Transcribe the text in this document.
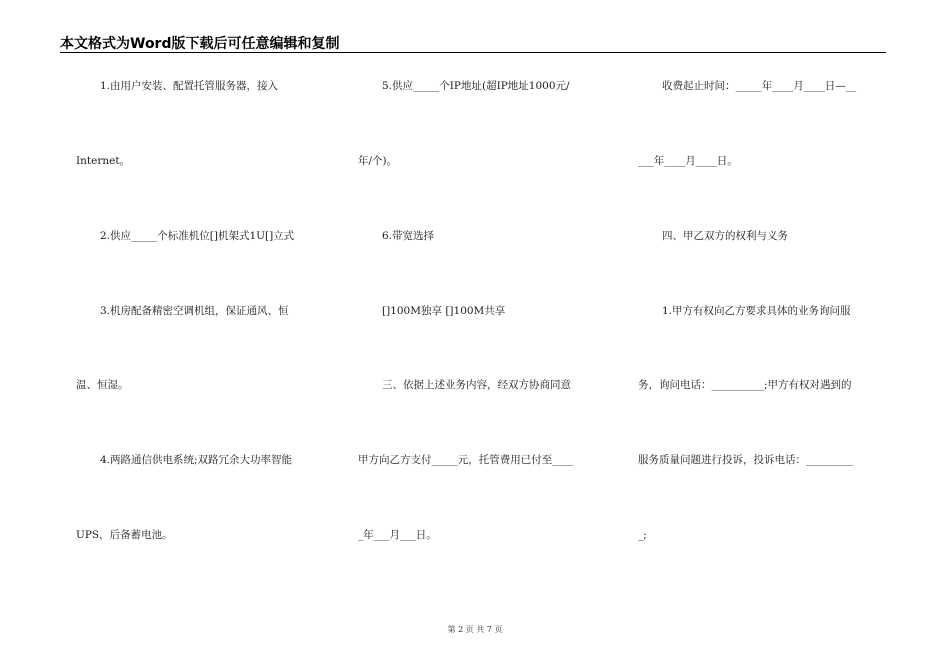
本文格式为Word版下载后可任意编辑和复制
1.由用户安装、配置托管服务器，接入
Internet。
2.供应_____个标准机位[]机架式1U[]立式
3.机房配备精密空调机组，保证通风、恒
温、恒湿。
4.两路通信供电系统;双路冗余大功率智能
UPS，后备蓄电池。
5.供应_____个IP地址(超IP地址1000元/
年/个)。
6.带宽选择
[]100M独享 []100M共享
三、依据上述业务内容，经双方协商同意
甲方向乙方支付_____元，托管费用已付至____
_年___月___日。
收费起止时间：_____年____月____日—__
___年____月____日。
四、甲乙双方的权利与义务
1.甲方有权向乙方要求具体的业务询问服
务，询问电话：__________;甲方有权对遇到的
服务质量问题进行投诉，投诉电话：_________
_;
第 2 页 共 7 页
